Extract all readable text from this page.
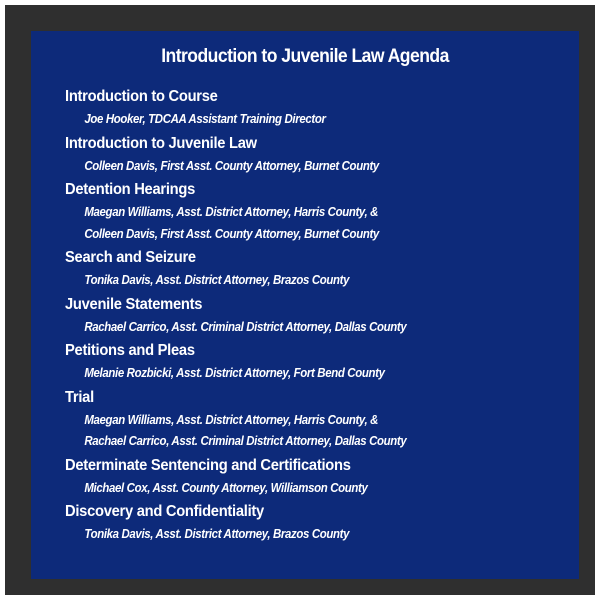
Introduction to Juvenile Law Agenda
Introduction to Course
Joe Hooker, TDCAA Assistant Training Director
Introduction to Juvenile Law
Colleen Davis, First Asst. County Attorney, Burnet County
Detention Hearings
Maegan Williams, Asst. District Attorney, Harris County, &
Colleen Davis, First Asst. County Attorney, Burnet County
Search and Seizure
Tonika Davis, Asst. District Attorney, Brazos County
Juvenile Statements
Rachael Carrico, Asst. Criminal District Attorney, Dallas County
Petitions and Pleas
Melanie Rozbicki, Asst. District Attorney, Fort Bend County
Trial
Maegan Williams, Asst. District Attorney, Harris County, &
Rachael Carrico, Asst. Criminal District Attorney, Dallas County
Determinate Sentencing and Certifications
Michael Cox, Asst. County Attorney, Williamson County
Discovery and Confidentiality
Tonika Davis, Asst. District Attorney, Brazos County
